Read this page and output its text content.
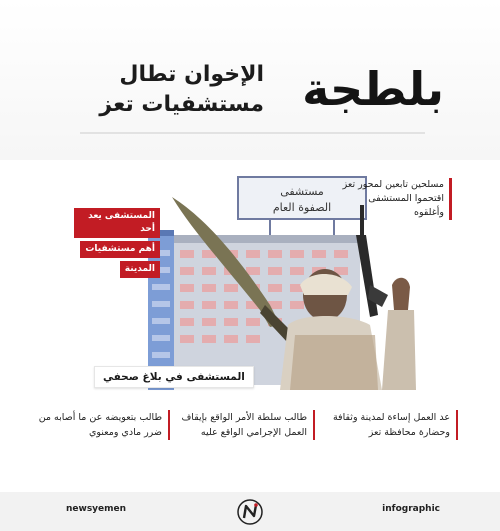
بلطجة
الإخوان تطال
مستشفيات تعز
مستشفى
الصفوة العام
مسلحين تابعين لمحور تعز اقتحموا المستشفى وأغلقوه
المستشفى يعد أحد
أهم مستشفيات
المدينة
المستشفى في بلاغ صحفي
عد العمل إساءة لمدينة وثقافة وحضارة محافظة تعز
طالب سلطة الأمر الواقع بإيقاف العمل الإجرامي الواقع عليه
طالب بتعويضه عن ما أصابه من ضرر مادي ومعنوي
newsyemen	infographic
